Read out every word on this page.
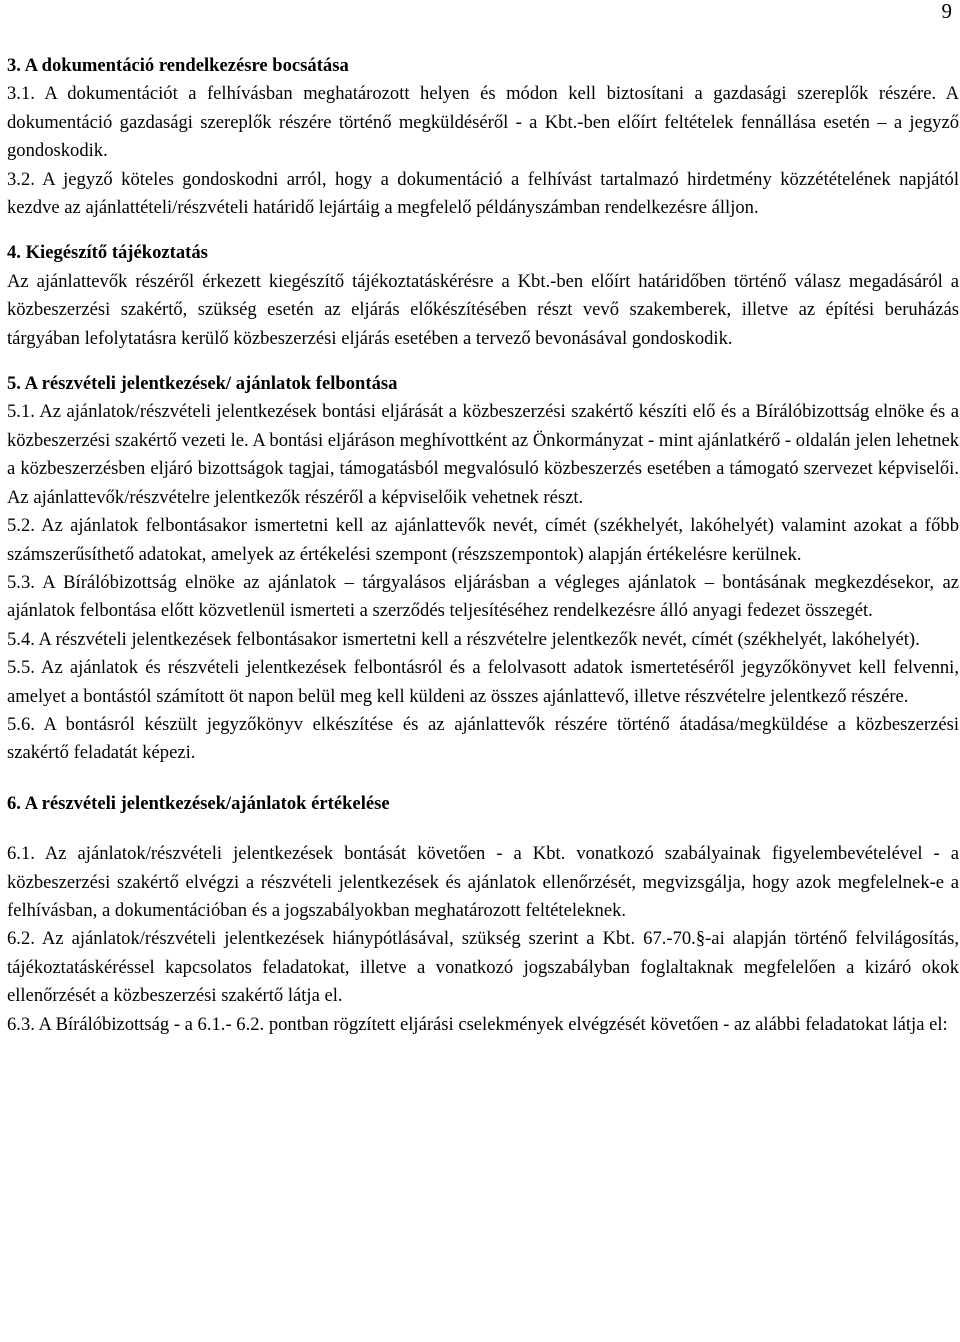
9

3. A dokumentáció rendelkezésre bocsátása

3.1. A dokumentációt a felhívásban meghatározott helyen és módon kell biztosítani a gazdasági szereplők részére. A dokumentáció gazdasági szereplők részére történő megküldéséről - a Kbt.-ben előírt feltételek fennállása esetén – a jegyző gondoskodik.

3.2. A jegyző köteles gondoskodni arról, hogy a dokumentáció a felhívást tartalmazó hirdetmény közzétételének napjától kezdve az ajánlattételi/részvételi határidő lejártáig a megfelelő példányszámban rendelkezésre álljon.

4. Kiegészítő tájékoztatás

Az ajánlattevők részéről érkezett kiegészítő tájékoztatáskérésre a Kbt.-ben előírt határidőben történő válasz megadásáról a közbeszerzési szakértő, szükség esetén az eljárás előkészítésében részt vevő szakemberek, illetve az építési beruházás tárgyában lefolytatásra kerülő közbeszerzési eljárás esetében a tervező bevonásával gondoskodik.

5. A részvételi jelentkezések/ ajánlatok felbontása

5.1. Az ajánlatok/részvételi jelentkezések bontási eljárását a közbeszerzési szakértő készíti elő és a Bírálóbizottság elnöke és a közbeszerzési szakértő vezeti le. A bontási eljáráson meghívottként az Önkormányzat - mint ajánlatkérő - oldalán jelen lehetnek a közbeszerzésben eljáró bizottságok tagjai, támogatásból megvalósuló közbeszerzés esetében a támogató szervezet képviselői. Az ajánlattevők/részvételre jelentkezők részéről a képviselőik vehetnek részt.

5.2. Az ajánlatok felbontásakor ismertetni kell az ajánlattevők nevét, címét (székhelyét, lakóhelyét) valamint azokat a főbb számszerűsíthető adatokat, amelyek az értékelési szempont (részszempontok) alapján értékelésre kerülnek.

5.3. A Bírálóbizottság elnöke az ajánlatok – tárgyalásos eljárásban a végleges ajánlatok – bontásának megkezdésekor, az ajánlatok felbontása előtt közvetlenül ismerteti a szerződés teljesítéséhez rendelkezésre álló anyagi fedezet összegét.

5.4. A részvételi jelentkezések felbontásakor ismertetni kell a részvételre jelentkezők nevét, címét (székhelyét, lakóhelyét).

5.5. Az ajánlatok és részvételi jelentkezések felbontásról és a felolvasott adatok ismertetéséről jegyzőkönyvet kell felvenni, amelyet a bontástól számított öt napon belül meg kell küldeni az összes ajánlattevő, illetve részvételre jelentkező részére.

5.6. A bontásról készült jegyzőkönyv elkészítése és az ajánlattevők részére történő átadása/megküldése a közbeszerzési szakértő feladatát képezi.

6. A részvételi jelentkezések/ajánlatok értékelése

6.1. Az ajánlatok/részvételi jelentkezések bontását követően - a Kbt. vonatkozó szabályainak figyelembevételével - a közbeszerzési szakértő elvégzi a részvételi jelentkezések és ajánlatok ellenőrzését, megvizsgálja, hogy azok megfelelnek-e a felhívásban, a dokumentációban és a jogszabályokban meghatározott feltételeknek.

6.2. Az ajánlatok/részvételi jelentkezések hiánypótlásával, szükség szerint a Kbt. 67.-70.§-ai alapján történő felvilágosítás, tájékoztatáskéréssel kapcsolatos feladatokat, illetve a vonatkozó jogszabályban foglaltaknak megfelelően a kizáró okok ellenőrzését a közbeszerzési szakértő látja el.

6.3. A Bírálóbizottság - a 6.1.- 6.2. pontban rögzített eljárási cselekmények elvégzését követően - az alábbi feladatokat látja el:
